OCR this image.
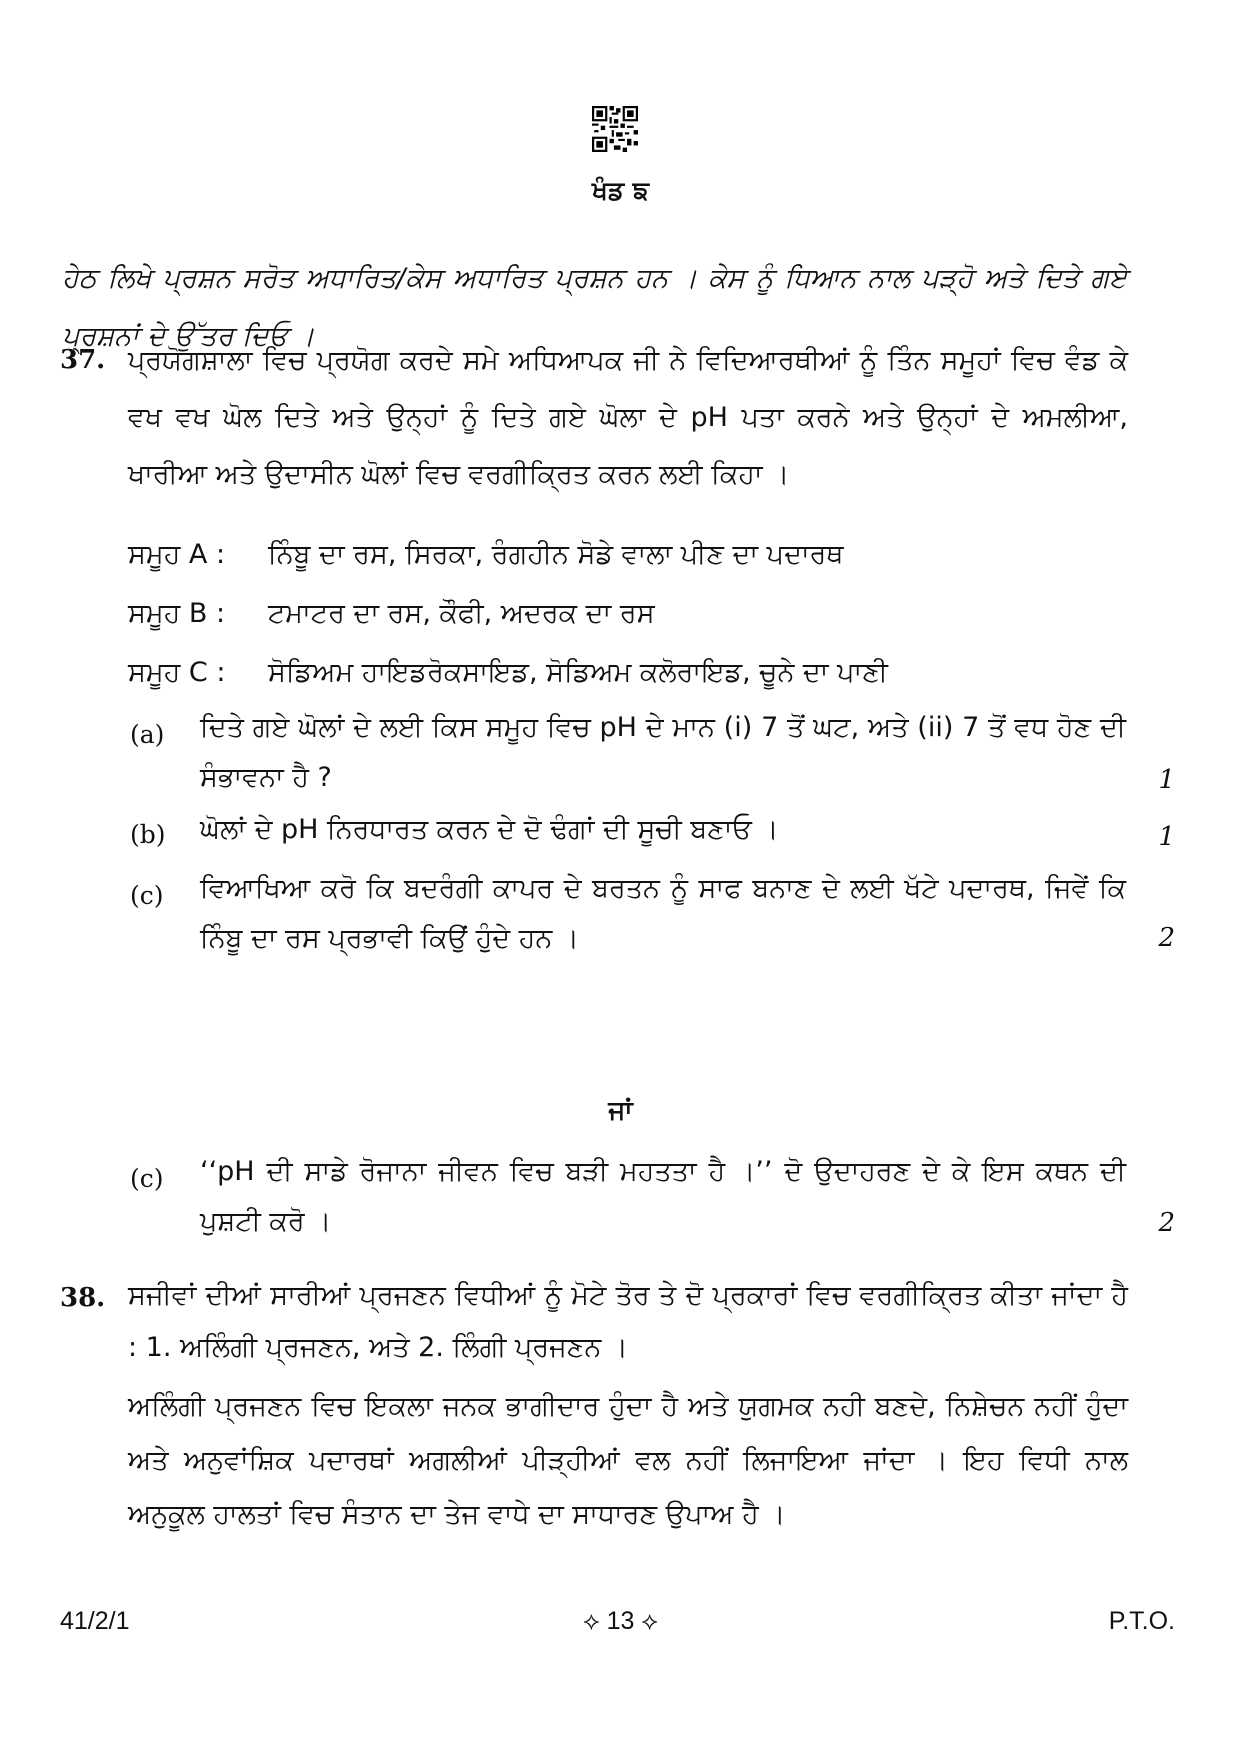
ਖੰਡ ਙ
ਹੇਠ ਲਿਖੇ ਪ੍ਰਸ਼ਨ ਸਰੋਤ ਅਧਾਰਿਤ/ਕੇਸ ਅਧਾਰਿਤ ਪ੍ਰਸ਼ਨ ਹਨ । ਕੇਸ ਨੂੰ ਧਿਆਨ ਨਾਲ ਪੜ੍ਹੋ ਅਤੇ ਦਿਤੇ ਗਏ ਪ੍ਰਸ਼ਨਾਂ ਦੇ ਉੱਤਰ ਦਿਓ ।
37. ਪ੍ਰਯੋਗਸ਼ਾਲਾ ਵਿਚ ਪ੍ਰਯੋਗ ਕਰਦੇ ਸਮੇ ਅਧਿਆਪਕ ਜੀ ਨੇ ਵਿਦਿਆਰਥੀਆਂ ਨੂੰ ਤਿੰਨ ਸਮੂਹਾਂ ਵਿਚ ਵੰਡ ਕੇ ਵਖ ਵਖ ਘੋਲ ਦਿਤੇ ਅਤੇ ਉਨ੍ਹਾਂ ਨੂੰ ਦਿਤੇ ਗਏ ਘੋਲਾ ਦੇ pH ਪਤਾ ਕਰਨੇ ਅਤੇ ਉਨ੍ਹਾਂ ਦੇ ਅਮਲੀਆ, ਖਾਰੀਆ ਅਤੇ ਉਦਾਸੀਨ ਘੋਲਾਂ ਵਿਚ ਵਰਗੀਕ੍ਰਿਤ ਕਰਨ ਲਈ ਕਿਹਾ ।
ਸਮੂਹ A : ਨਿੰਬੂ ਦਾ ਰਸ, ਸਿਰਕਾ, ਰੰਗਹੀਨ ਸੋਡੇ ਵਾਲਾ ਪੀਣ ਦਾ ਪਦਾਰਥ
ਸਮੂਹ B : ਟਮਾਟਰ ਦਾ ਰਸ, ਕੌਫੀ, ਅਦਰਕ ਦਾ ਰਸ
ਸਮੂਹ C : ਸੋਡਿਅਮ ਹਾਇਡਰੋਕਸਾਇਡ, ਸੋਡਿਅਮ ਕਲੋਰਾਇਡ, ਚੂਨੇ ਦਾ ਪਾਣੀ
(a) ਦਿਤੇ ਗਏ ਘੋਲਾਂ ਦੇ ਲਈ ਕਿਸ ਸਮੂਹ ਵਿਚ pH ਦੇ ਮਾਨ (i) 7 ਤੋਂ ਘਟ, ਅਤੇ (ii) 7 ਤੋਂ ਵਧ ਹੋਣ ਦੀ ਸੰਭਾਵਨਾ ਹੈ ?	1
(b) ਘੋਲਾਂ ਦੇ pH ਨਿਰਧਾਰਤ ਕਰਨ ਦੇ ਦੋ ਢੰਗਾਂ ਦੀ ਸੂਚੀ ਬਣਾਓ ।	1
(c) ਵਿਆਖਿਆ ਕਰੋ ਕਿ ਬਦਰੰਗੀ ਕਾਪਰ ਦੇ ਬਰਤਨ ਨੂੰ ਸਾਫ ਬਨਾਣ ਦੇ ਲਈ ਖੱਟੇ ਪਦਾਰਥ, ਜਿਵੇਂ ਕਿ ਨਿੰਬੂ ਦਾ ਰਸ ਪ੍ਰਭਾਵੀ ਕਿਉਂ ਹੁੰਦੇ ਹਨ ।	2
ਜਾਂ
(c) ‘‘pH ਦੀ ਸਾਡੇ ਰੋਜਾਨਾ ਜੀਵਨ ਵਿਚ ਬੜੀ ਮਹਤਤਾ ਹੈ ।’’ ਦੋ ਉਦਾਹਰਣ ਦੇ ਕੇ ਇਸ ਕਥਨ ਦੀ ਪੁਸ਼ਟੀ ਕਰੋ ।	2
38. ਸਜੀਵਾਂ ਦੀਆਂ ਸਾਰੀਆਂ ਪ੍ਰਜਣਨ ਵਿਧੀਆਂ ਨੂੰ ਮੋਟੇ ਤੋਰ ਤੇ ਦੋ ਪ੍ਰਕਾਰਾਂ ਵਿਚ ਵਰਗੀਕ੍ਰਿਤ ਕੀਤਾ ਜਾਂਦਾ ਹੈ : 1. ਅਲਿੰਗੀ ਪ੍ਰਜਣਨ, ਅਤੇ 2. ਲਿੰਗੀ ਪ੍ਰਜਣਨ ।
ਅਲਿੰਗੀ ਪ੍ਰਜਣਨ ਵਿਚ ਇਕਲਾ ਜਨਕ ਭਾਗੀਦਾਰ ਹੁੰਦਾ ਹੈ ਅਤੇ ਯੁਗਮਕ ਨਹੀ ਬਣਦੇ, ਨਿਸ਼ੇਚਨ ਨਹੀਂ ਹੁੰਦਾ ਅਤੇ ਅਨੁਵਾਂਸ਼ਿਕ ਪਦਾਰਥਾਂ ਅਗਲੀਆਂ ਪੀੜ੍ਹੀਆਂ ਵਲ ਨਹੀਂ ਲਿਜਾਇਆ ਜਾਂਦਾ । ਇਹ ਵਿਧੀ ਨਾਲ ਅਨੁਕੂਲ ਹਾਲਤਾਂ ਵਿਚ ਸੰਤਾਨ ਦਾ ਤੇਜ ਵਾਧੇ ਦਾ ਸਾਧਾਰਣ ਉਪਾਅ ਹੈ ।
41/2/1	⟡ 13 ⟡	P.T.O.
